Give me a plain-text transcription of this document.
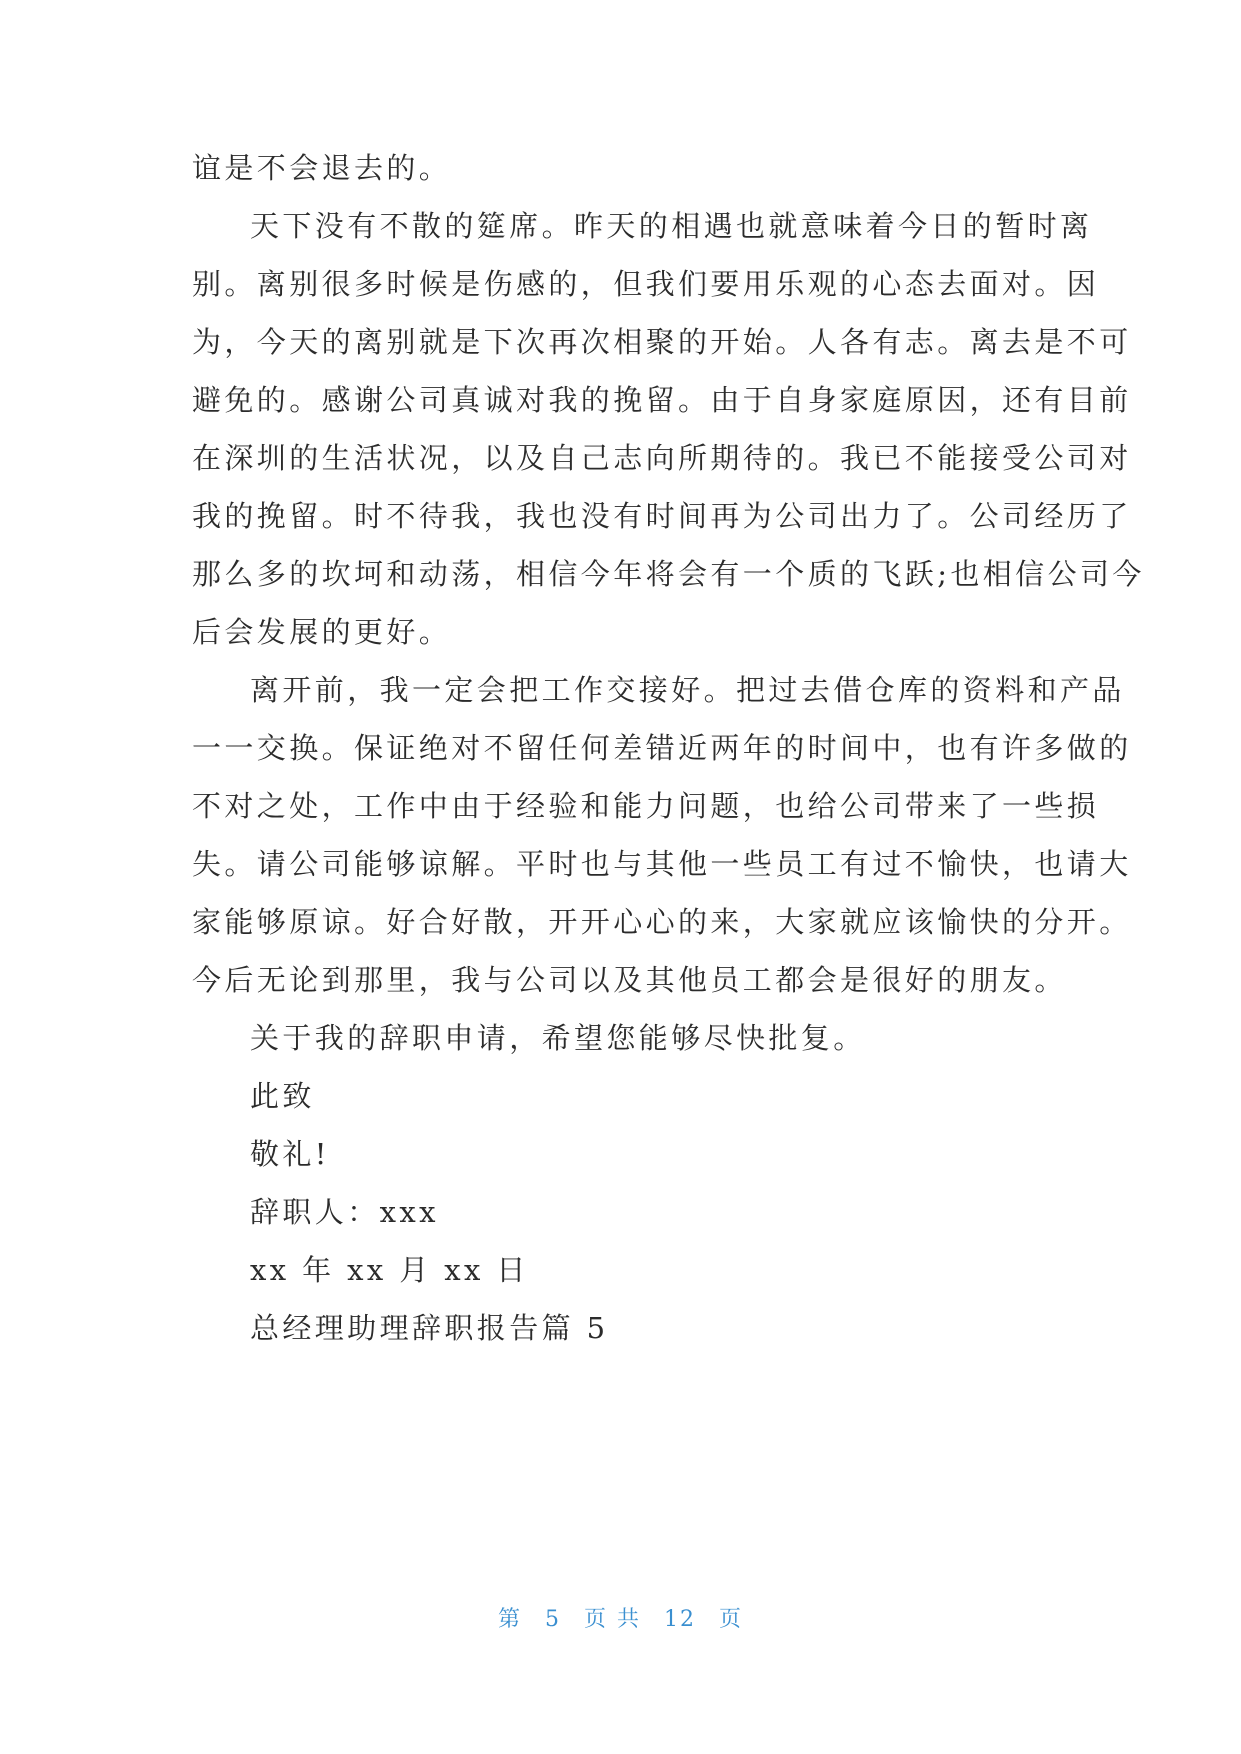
谊是不会退去的。
天下没有不散的筵席。昨天的相遇也就意味着今日的暂时离
别。离别很多时候是伤感的，但我们要用乐观的心态去面对。因
为，今天的离别就是下次再次相聚的开始。人各有志。离去是不可
避免的。感谢公司真诚对我的挽留。由于自身家庭原因，还有目前
在深圳的生活状况，以及自己志向所期待的。我已不能接受公司对
我的挽留。时不待我，我也没有时间再为公司出力了。公司经历了
那么多的坎坷和动荡，相信今年将会有一个质的飞跃;也相信公司今
后会发展的更好。
离开前，我一定会把工作交接好。把过去借仓库的资料和产品
一一交换。保证绝对不留任何差错近两年的时间中，也有许多做的
不对之处，工作中由于经验和能力问题，也给公司带来了一些损
失。请公司能够谅解。平时也与其他一些员工有过不愉快，也请大
家能够原谅。好合好散，开开心心的来，大家就应该愉快的分开。
今后无论到那里，我与公司以及其他员工都会是很好的朋友。
关于我的辞职申请，希望您能够尽快批复。
此致
敬礼!
辞职人：xxx
xx 年 xx 月 xx 日
总经理助理辞职报告篇 5
第 5 页 共 12 页
